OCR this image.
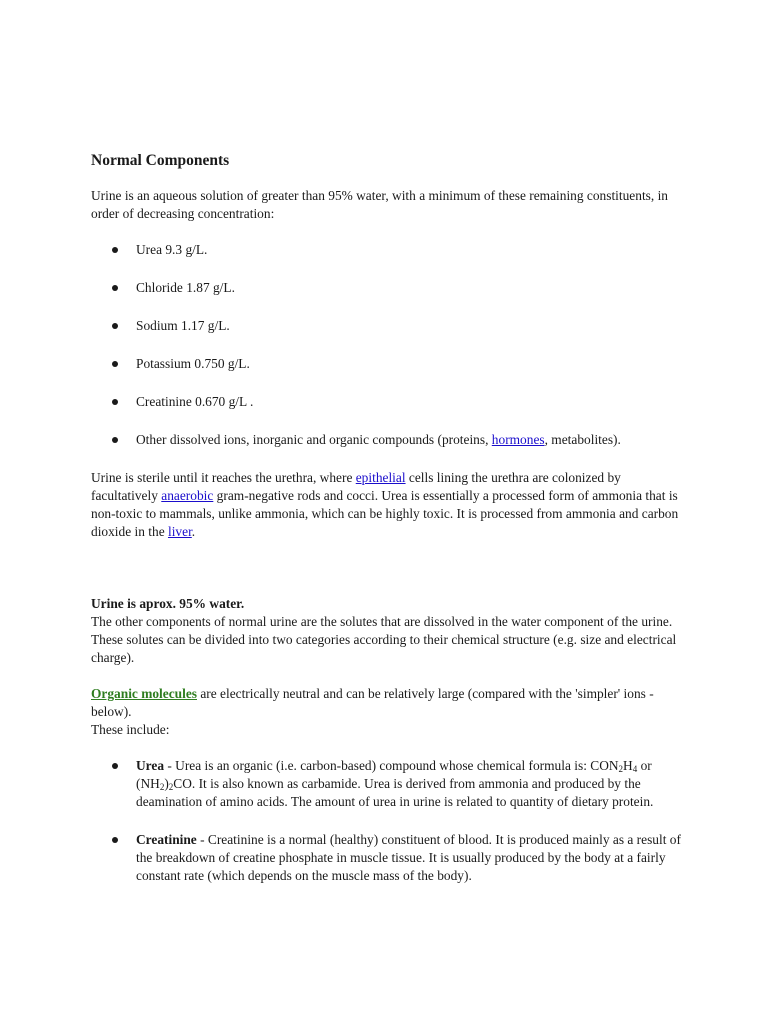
Normal Components

Urine is an aqueous solution of greater than 95% water, with a minimum of these remaining constituents, in order of decreasing concentration:

Urea 9.3 g/L.
Chloride 1.87 g/L.
Sodium 1.17 g/L.
Potassium 0.750 g/L.
Creatinine 0.670 g/L .
Other dissolved ions, inorganic and organic compounds (proteins, hormones, metabolites).

Urine is sterile until it reaches the urethra, where epithelial cells lining the urethra are colonized by facultatively anaerobic gram-negative rods and cocci. Urea is essentially a processed form of ammonia that is non-toxic to mammals, unlike ammonia, which can be highly toxic. It is processed from ammonia and carbon dioxide in the liver.

Urine is aprox. 95% water.

The other components of normal urine are the solutes that are dissolved in the water component of the urine. These solutes can be divided into two categories according to their chemical structure (e.g. size and electrical charge).

Organic molecules are electrically neutral and can be relatively large (compared with the 'simpler' ions - below).

These include:

Urea - Urea is an organic (i.e. carbon-based) compound whose chemical formula is: $CON_2H_4$ or $(NH_2)_2CO$. It is also known as carbamide. Urea is derived from ammonia and produced by the deamination of amino acids. The amount of urea in urine is related to quantity of dietary protein.
Creatinine - Creatinine is a normal (healthy) constituent of blood. It is produced mainly as a result of the breakdown of creatine phosphate in muscle tissue. It is usually produced by the body at a fairly constant rate (which depends on the muscle mass of the body).
